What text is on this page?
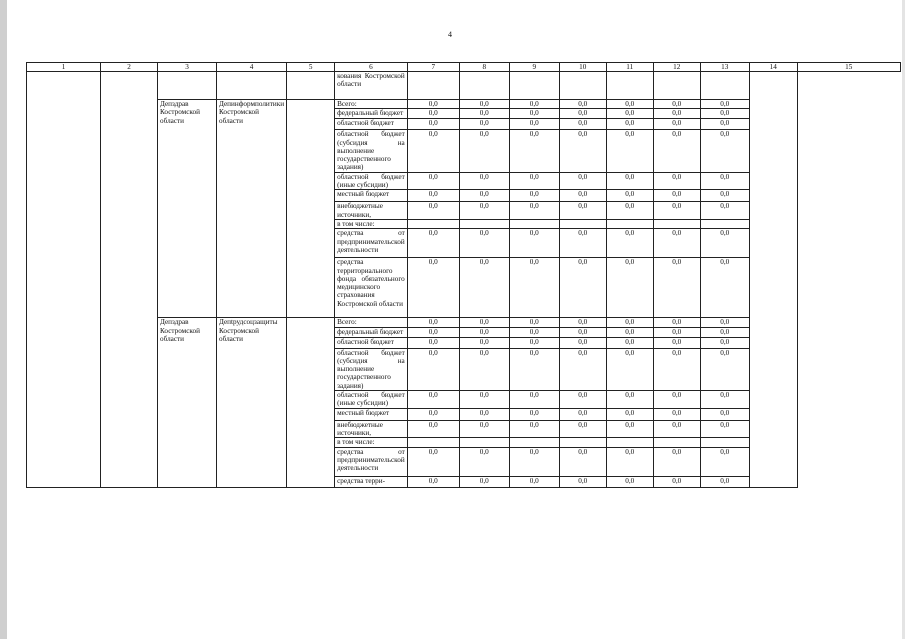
4
1	2	3	4	5	6	7	8	9	10	11	12	13	14	15
					кования Костромской области									
		Депздрав Костромской области	Депинформполитики Костромской области		Всего:	0,0	0,0	0,0	0,0	0,0	0,0	0,0		
					федеральный бюджет	0,0	0,0	0,0	0,0	0,0	0,0	0,0		
					областной бюджет	0,0	0,0	0,0	0,0	0,0	0,0	0,0		
					областной бюджет (субсидия на выполнение государственного задания)	0,0	0,0	0,0	0,0	0,0	0,0	0,0		
					областной бюджет (иные субсидии)	0,0	0,0	0,0	0,0	0,0	0,0	0,0		
					местный бюджет	0,0	0,0	0,0	0,0	0,0	0,0	0,0		
					внебюджетные источники,	0,0	0,0	0,0	0,0	0,0	0,0	0,0		
					в том числе:									
					средства от предпринимательской деятельности	0,0	0,0	0,0	0,0	0,0	0,0	0,0		
					средства территориального фонда обязательного медицинского страхования Костромской области	0,0	0,0	0,0	0,0	0,0	0,0	0,0		
		Депздрав Костромской области	Депtрудсоцзащиты Костромской области		Всего:	0,0	0,0	0,0	0,0	0,0	0,0	0,0		
					федеральный бюджет	0,0	0,0	0,0	0,0	0,0	0,0	0,0		
					областной бюджет	0,0	0,0	0,0	0,0	0,0	0,0	0,0		
					областной бюджет (субсидия на выполнение государственного задания)	0,0	0,0	0,0	0,0	0,0	0,0	0,0		
					областной бюджет (иные субсидии)	0,0	0,0	0,0	0,0	0,0	0,0	0,0		
					местный бюджет	0,0	0,0	0,0	0,0	0,0	0,0	0,0		
					внебюджетные источники,	0,0	0,0	0,0	0,0	0,0	0,0	0,0		
					в том числе:									
					средства от предпринимательской деятельности	0,0	0,0	0,0	0,0	0,0	0,0	0,0		
					средства терри-	0,0	0,0	0,0	0,0	0,0	0,0	0,0		
